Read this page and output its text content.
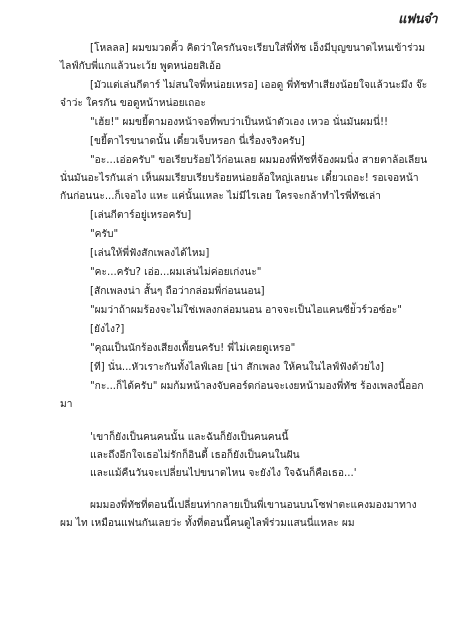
แฟนจ๋า

[โหลลล] ผมขมวดคิ้ว คิดว่าใครกันจะเรียบใส่พี่ทัช เอ็งมีบุญขนาดไหนเข้าร่วมไลฟ์กับพี่แกแล้วนะเว้ย พูดหน่อยสิเอ้อ

[มัวแต่เล่นกีตาร์ ไม่สนใจพี่หน่อยเหรอ] เออดู พี่ทัชทำเสียงน้อยใจแล้วนะมึง จ๊ะจ๋าว่ะ ใครกัน ขอดูหน้าหน่อยเถอะ

"เฮ้ย!" ผมขยี้ตามองหน้าจอที่พบว่าเป็นหน้าตัวเอง เหวอ นั่นมันผมนี่!!

[ขยี้ตาไรขนาดนั้น เดี๋ยวเจ็บหรอก นี่เรื่องจริงครับ]

"อะ...เอ่อครับ" ขอเรียบร้อยไว้ก่อนเลย ผมมองพี่ทัชที่จ้องผมนิ่ง สายตาล้อเลียนนั่นมันอะไรกันเล่า เห็นผมเรียบเรียบร้อยหน่อยล้อใหญ่เลยนะ เดี๋ยวเถอะ! รอเจอหน้ากันก่อนนะ...ก็เจอไง แหะ แค่นั้นแหละ ไม่มีไรเลย ใครจะกล้าทำไรพี่ทัชเล่า

[เล่นกีตาร์อยู่เหรอครับ]

"ครับ"

[เล่นให้พี่ฟังสักเพลงได้ไหม]

"คะ...ครับ? เอ่อ...ผมเล่นไม่ค่อยเก่งนะ"

[สักเพลงน่า สั้นๆ ถือว่ากล่อมพี่ก่อนนอน]

"ผมว่าถ้าผมร้องจะไม่ใช่เพลงกล่อมนอน อาจจะเป็นไอแคนซีย่ัวร์วอซ์อะ"

[ยังไง?]

"คุณเป็นนักร้องเสียงเพื้ยนครับ! พี่ไม่เคยดูเหรอ"

[ที] นั่น...หัวเราะกันทั้งไลฟ์เลย [น่า สักเพลง ให้คนในไลฟ์ฟังด้วยไง]

"กะ...ก็ได้ครับ" ผมก้มหน้าลงจับคอร์ดก่อนจะเงยหน้ามองพี่ทัช ร้องเพลงนี้ออกมา

'เขาก็ยังเป็นคนคนนั้น และฉันก็ยังเป็นคนคนนี้
และถึงอีกใจเธอไม่รักก็อินดี้ เธอก็ยังเป็นคนในฝัน
และแม้คืนวันจะเปลี่ยนไปขนาดไหน จะยังไง ใจฉันก็คือเธอ...'

ผมมองพี่ทัชที่ตอนนี้เปลี่ยนท่ากลายเป็นพี่เขานอนบนโซฟาตะแคงมองมาทางผม ไท เหมือนแฟนกันเลยว่ะ ทั้งที่ตอนนี้คนดูไลฟ์ร่วมแสนนี่แหละ ผม
